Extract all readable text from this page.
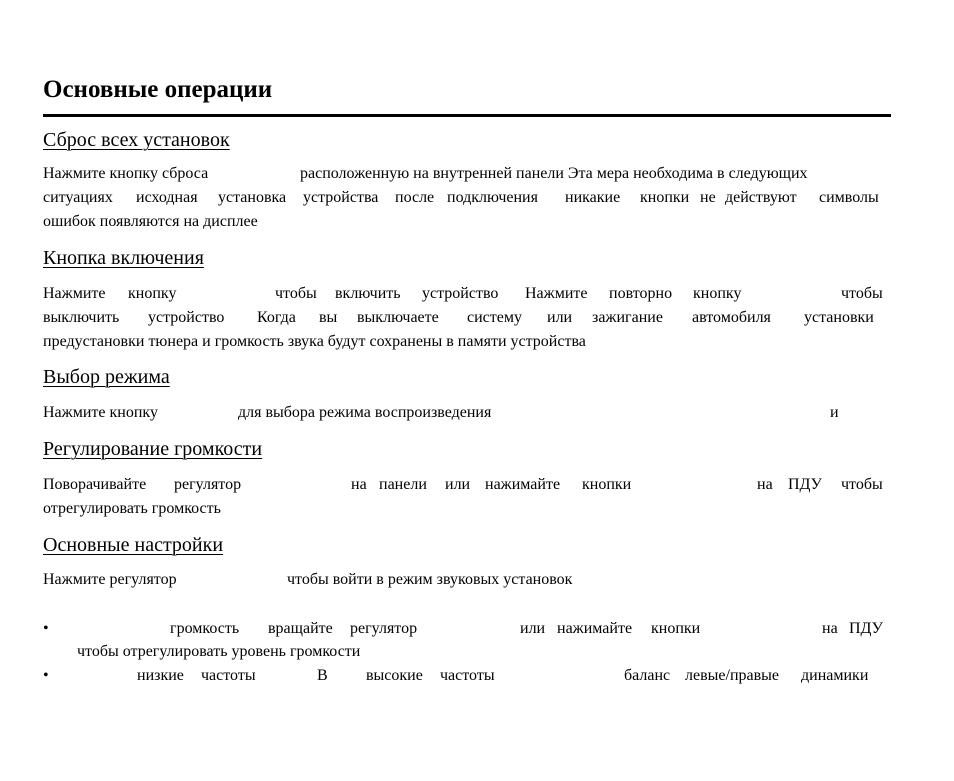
Основные операции
Сброс всех установок
Нажмите кнопку сброса	расположенную на внутренней панели Эта мера необходима в следующих
ситуациях исходная установка устройства после подключения никакие кнопки не действуют символы
ошибок появляются на дисплее
Кнопка включения
Нажмите кнопку	чтобы включить устройство Нажмите повторно кнопку	чтобы
выключить устройство Когда вы выключаете систему или зажигание автомобиля установки
предустановки тюнера и громкость звука будут сохранены в памяти устройства
Выбор режима
Нажмите кнопку	для выбора режима воспроизведения	и
Регулирование громкости
Поворачивайте регулятор	на панели или нажимайте кнопки	на ПДУ чтобы
отрегулировать громкость
Основные настройки
Нажмите регулятор	чтобы войти в режим звуковых установок
•	громкость вращайте регулятор	или нажимайте кнопки	на ПДУ
чтобы отрегулировать уровень громкости
•	низкие частоты	В высокие частоты	баланс левые/правые динамики
